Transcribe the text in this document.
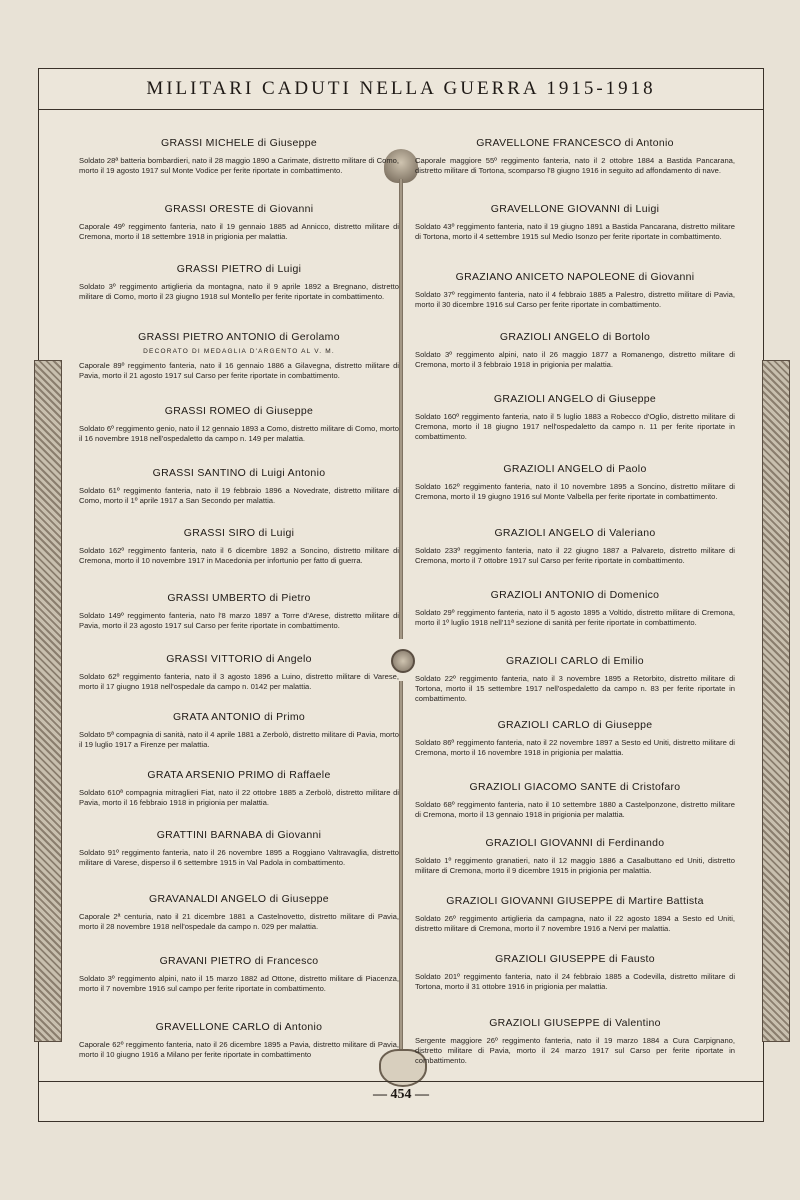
MILITARI CADUTI NELLA GUERRA 1915-1918
GRASSI MICHELE di Giuseppe
Soldato 28ª batteria bombardieri, nato il 28 maggio 1890 a Carimate, distretto militare di Como, morto il 19 agosto 1917 sul Monte Vodice per ferite riportate in combattimento.
GRASSI ORESTE di Giovanni
Caporale 49º reggimento fanteria, nato il 19 gennaio 1885 ad Annicco, distretto militare di Cremona, morto il 18 settembre 1918 in prigionia per malattia.
GRASSI PIETRO di Luigi
Soldato 3º reggimento artiglieria da montagna, nato il 9 aprile 1892 a Bregnano, distretto militare di Como, morto il 23 giugno 1918 sul Montello per ferite riportate in combattimento.
GRASSI PIETRO ANTONIO di Gerolamo
DECORATO DI MEDAGLIA D'ARGENTO AL V. M.
Caporale 89º reggimento fanteria, nato il 16 gennaio 1886 a Gilavegna, distretto militare di Pavia, morto il 21 agosto 1917 sul Carso per ferite riportate in combattimento.
GRASSI ROMEO di Giuseppe
Soldato 6º reggimento genio, nato il 12 gennaio 1893 a Como, distretto militare di Como, morto il 16 novembre 1918 nell'ospedaletto da campo n. 149 per malattia.
GRASSI SANTINO di Luigi Antonio
Soldato 61º reggimento fanteria, nato il 19 febbraio 1896 a Novedrate, distretto militare di Como, morto il 1º aprile 1917 a San Secondo per malattia.
GRASSI SIRO di Luigi
Soldato 162º reggimento fanteria, nato il 6 dicembre 1892 a Soncino, distretto militare di Cremona, morto il 10 novembre 1917 in Macedonia per infortunio per fatto di guerra.
GRASSI UMBERTO di Pietro
Soldato 149º reggimento fanteria, nato l'8 marzo 1897 a Torre d'Arese, distretto militare di Pavia, morto il 23 agosto 1917 sul Carso per ferite riportate in combattimento.
GRASSI VITTORIO di Angelo
Soldato 62º reggimento fanteria, nato il 3 agosto 1896 a Luino, distretto militare di Varese, morto il 17 giugno 1918 nell'ospedale da campo n. 0142 per malattia.
GRATA ANTONIO di Primo
Soldato 5ª compagnia di sanità, nato il 4 aprile 1881 a Zerbolò, distretto militare di Pavia, morto il 19 luglio 1917 a Firenze per malattia.
GRATA ARSENIO PRIMO di Raffaele
Soldato 610ª compagnia mitraglieri Fiat, nato il 22 ottobre 1885 a Zerbolò, distretto militare di Pavia, morto il 16 febbraio 1918 in prigionia per malattia.
GRATTINI BARNABA di Giovanni
Soldato 91º reggimento fanteria, nato il 26 novembre 1895 a Roggiano Valtravaglia, distretto militare di Varese, disperso il 6 settembre 1915 in Val Padola in combattimento.
GRAVANALDI ANGELO di Giuseppe
Caporale 2ª centuria, nato il 21 dicembre 1881 a Castelnovetto, distretto militare di Pavia, morto il 28 novembre 1918 nell'ospedale da campo n. 029 per malattia.
GRAVANI PIETRO di Francesco
Soldato 3º reggimento alpini, nato il 15 marzo 1882 ad Ottone, distretto militare di Piacenza, morto il 7 novembre 1916 sul campo per ferite riportate in combattimento.
GRAVELLONE CARLO di Antonio
Caporale 62º reggimento fanteria, nato il 26 dicembre 1895 a Pavia, distretto militare di Pavia, morto il 10 giugno 1916 a Milano per ferite riportate in combattimento
GRAVELLONE FRANCESCO di Antonio
Caporale maggiore 55º reggimento fanteria, nato il 2 ottobre 1884 a Bastida Pancarana, distretto militare di Tortona, scomparso l'8 giugno 1916 in seguito ad affondamento di nave.
GRAVELLONE GIOVANNI di Luigi
Soldato 43º reggimento fanteria, nato il 19 giugno 1891 a Bastida Pancarana, distretto militare di Tortona, morto il 4 settembre 1915 sul Medio Isonzo per ferite riportate in combattimento.
GRAZIANO ANICETO NAPOLEONE di Giovanni
Soldato 37º reggimento fanteria, nato il 4 febbraio 1885 a Palestro, distretto militare di Pavia, morto il 30 dicembre 1916 sul Carso per ferite riportate in combattimento.
GRAZIOLI ANGELO di Bortolo
Soldato 3º reggimento alpini, nato il 26 maggio 1877 a Romanengo, distretto militare di Cremona, morto il 3 febbraio 1918 in prigionia per malattia.
GRAZIOLI ANGELO di Giuseppe
Soldato 160º reggimento fanteria, nato il 5 luglio 1883 a Robecco d'Oglio, distretto militare di Cremona, morto il 18 giugno 1917 nell'ospedaletto da campo n. 11 per ferite riportate in combattimento.
GRAZIOLI ANGELO di Paolo
Soldato 162º reggimento fanteria, nato il 10 novembre 1895 a Soncino, distretto militare di Cremona, morto il 19 giugno 1916 sul Monte Valbella per ferite riportate in combattimento.
GRAZIOLI ANGELO di Valeriano
Soldato 233º reggimento fanteria, nato il 22 giugno 1887 a Palvareto, distretto militare di Cremona, morto il 7 ottobre 1917 sul Carso per ferite riportate in combattimento.
GRAZIOLI ANTONIO di Domenico
Soldato 29º reggimento fanteria, nato il 5 agosto 1895 a Voltido, distretto militare di Cremona, morto il 1º luglio 1918 nell'11ª sezione di sanità per ferite riportate in combattimento.
GRAZIOLI CARLO di Emilio
Soldato 22º reggimento fanteria, nato il 3 novembre 1895 a Retorbito, distretto militare di Tortona, morto il 15 settembre 1917 nell'ospedaletto da campo n. 83 per ferite riportate in combattimento.
GRAZIOLI CARLO di Giuseppe
Soldato 86º reggimento fanteria, nato il 22 novembre 1897 a Sesto ed Uniti, distretto militare di Cremona, morto il 16 novembre 1918 in prigionia per malattia.
GRAZIOLI GIACOMO SANTE di Cristofaro
Soldato 68º reggimento fanteria, nato il 10 settembre 1880 a Castelponzone, distretto militare di Cremona, morto il 13 gennaio 1918 in prigionia per malattia.
GRAZIOLI GIOVANNI di Ferdinando
Soldato 1º reggimento granatieri, nato il 12 maggio 1886 a Casalbuttano ed Uniti, distretto militare di Cremona, morto il 9 dicembre 1915 in prigionia per malattia.
GRAZIOLI GIOVANNI GIUSEPPE di Martire Battista
Soldato 26º reggimento artiglieria da campagna, nato il 22 agosto 1894 a Sesto ed Uniti, distretto militare di Cremona, morto il 7 novembre 1916 a Nervi per malattia.
GRAZIOLI GIUSEPPE di Fausto
Soldato 201º reggimento fanteria, nato il 24 febbraio 1885 a Codevilla, distretto militare di Tortona, morto il 31 ottobre 1916 in prigionia per malattia.
GRAZIOLI GIUSEPPE di Valentino
Sergente maggiore 26º reggimento fanteria, nato il 19 marzo 1884 a Cura Carpignano, distretto militare di Pavia, morto il 24 marzo 1917 sul Carso per ferite riportate in combattimento.
— 454 —
